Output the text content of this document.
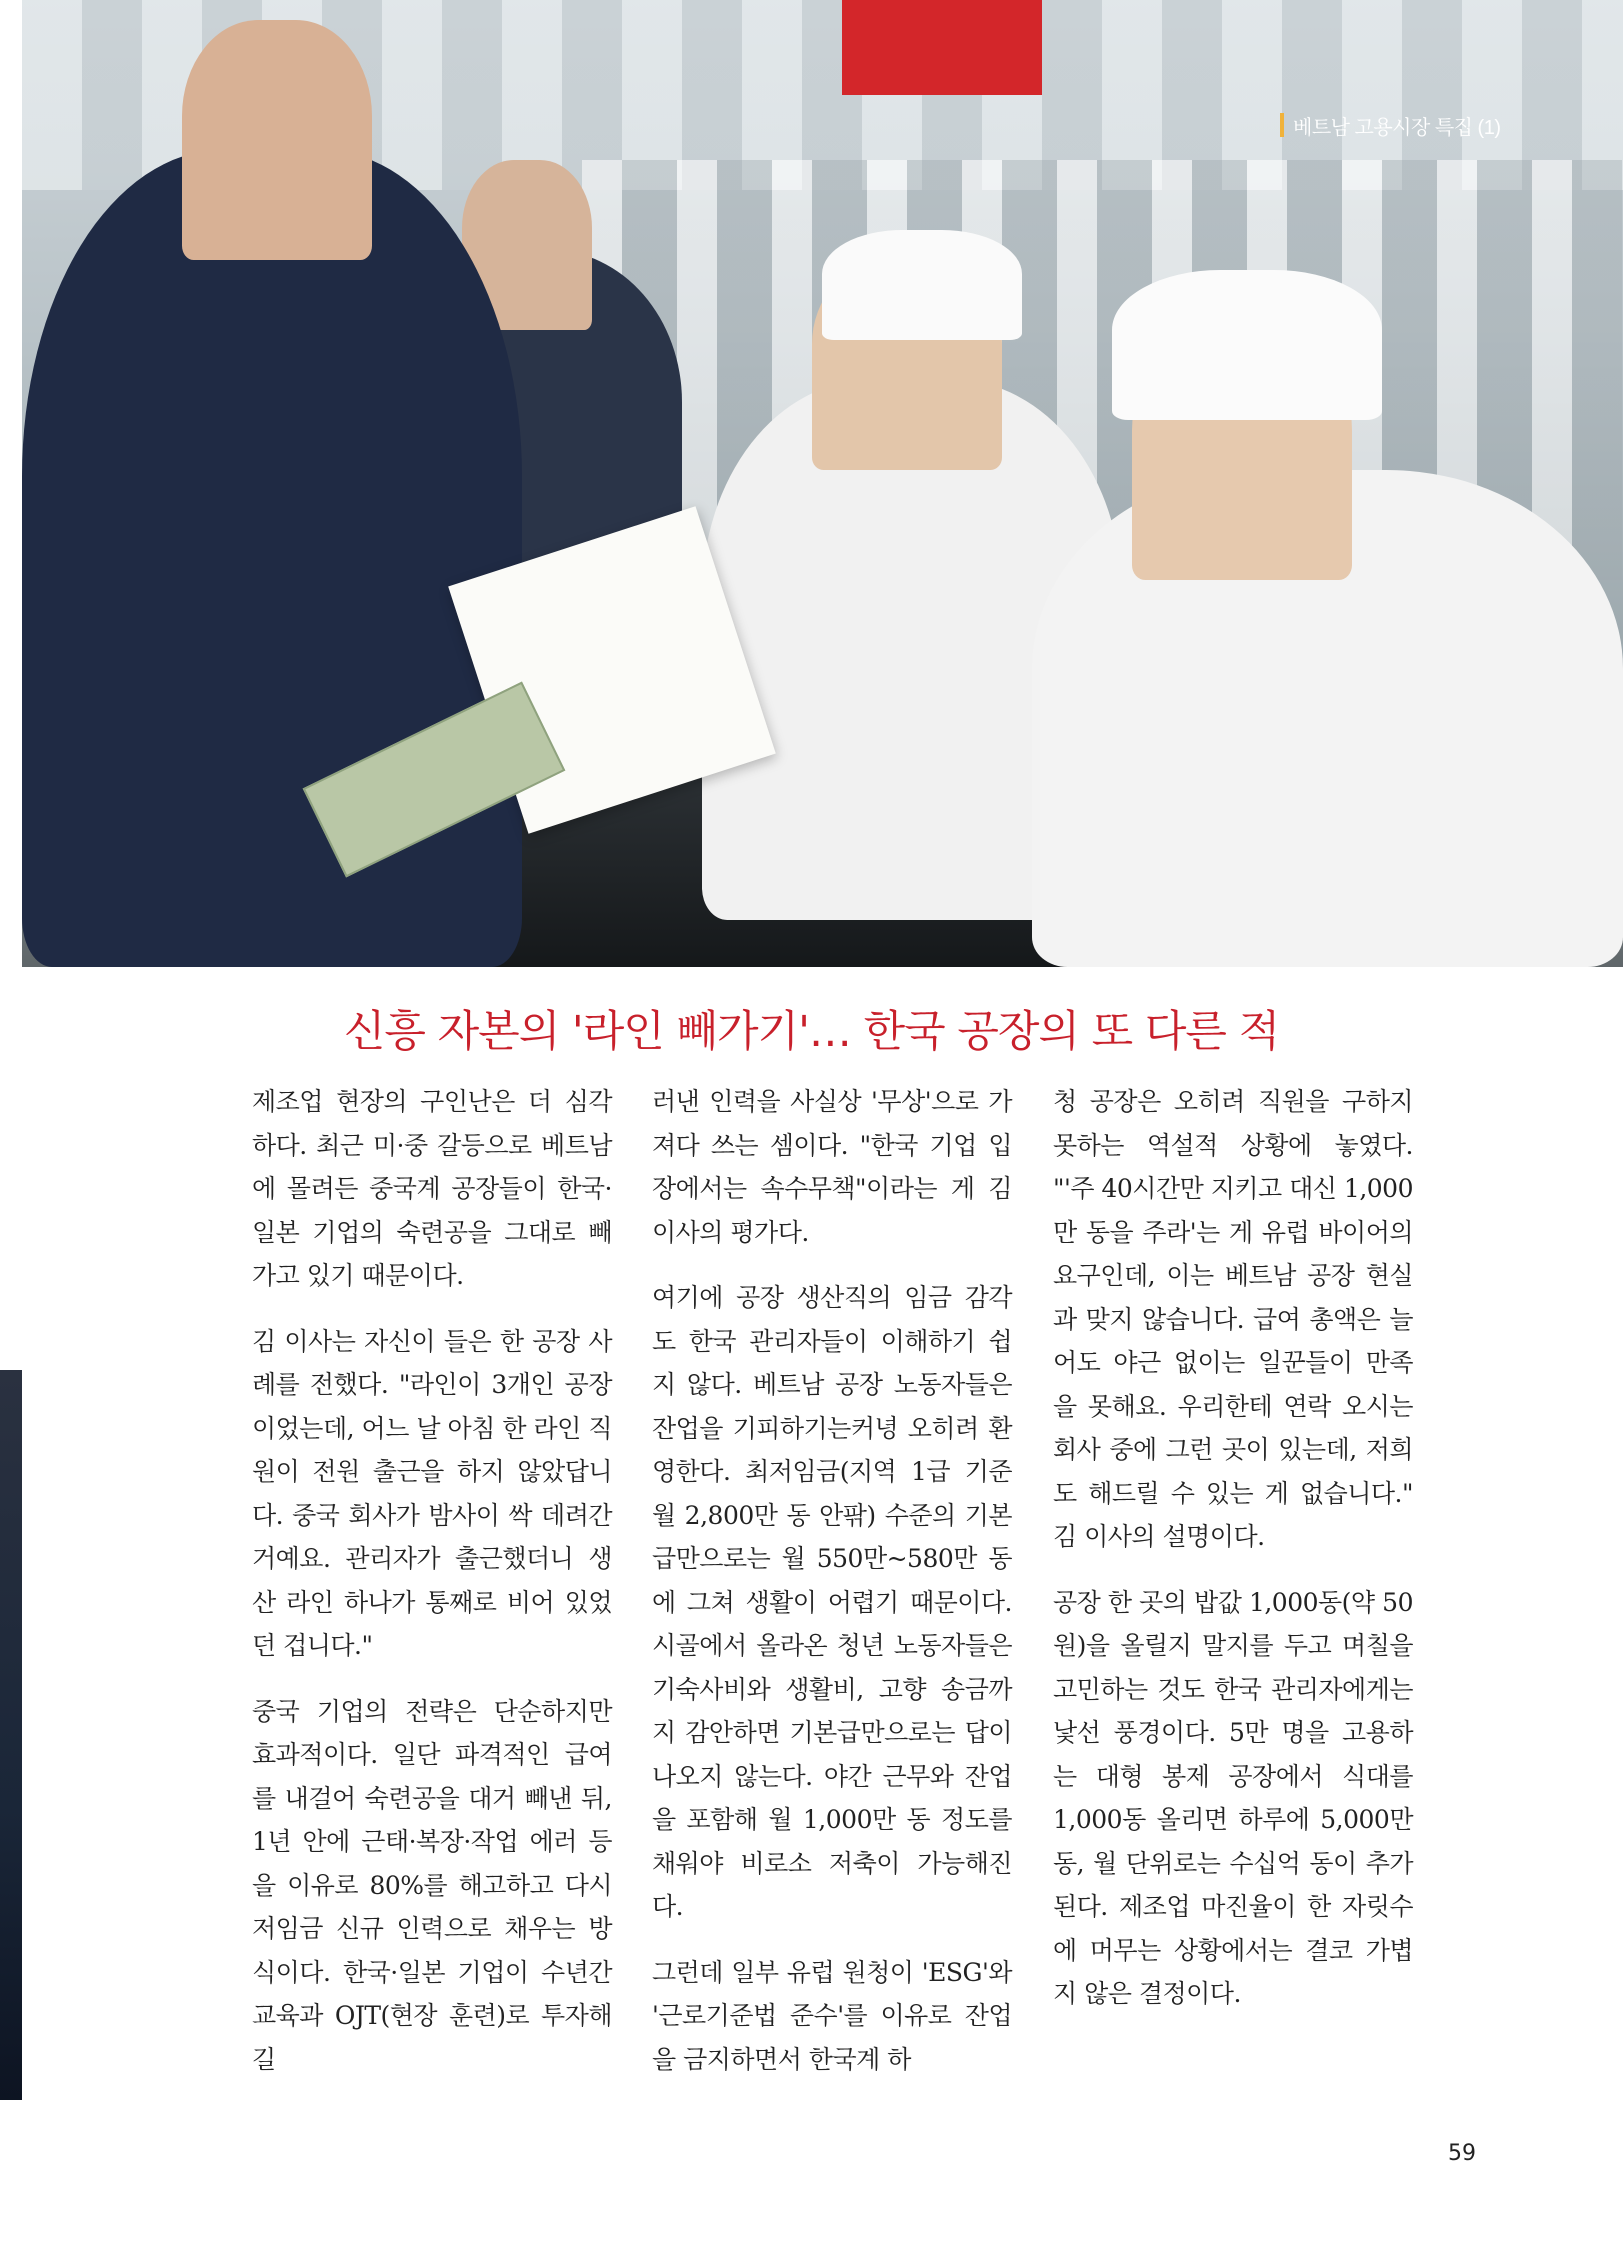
베트남 고용시장 특집 (1)
신흥 자본의 '라인 빼가기'… 한국 공장의 또 다른 적

제조업 현장의 구인난은 더 심각하다. 최근 미·중 갈등으로 베트남에 몰려든 중국계 공장들이 한국·일본 기업의 숙련공을 그대로 빼가고 있기 때문이다.

김 이사는 자신이 들은 한 공장 사례를 전했다. "라인이 3개인 공장이었는데, 어느 날 아침 한 라인 직원이 전원 출근을 하지 않았답니다. 중국 회사가 밤사이 싹 데려간 거예요. 관리자가 출근했더니 생산 라인 하나가 통째로 비어 있었던 겁니다."

중국 기업의 전략은 단순하지만 효과적이다. 일단 파격적인 급여를 내걸어 숙련공을 대거 빼낸 뒤, 1년 안에 근태·복장·작업 에러 등을 이유로 80%를 해고하고 다시 저임금 신규 인력으로 채우는 방식이다. 한국·일본 기업이 수년간 교육과 OJT(현장 훈련)로 투자해 길

러낸 인력을 사실상 '무상'으로 가져다 쓰는 셈이다. "한국 기업 입장에서는 속수무책"이라는 게 김 이사의 평가다.

여기에 공장 생산직의 임금 감각도 한국 관리자들이 이해하기 쉽지 않다. 베트남 공장 노동자들은 잔업을 기피하기는커녕 오히려 환영한다. 최저임금(지역 1급 기준 월 2,800만 동 안팎) 수준의 기본급만으로는 월 550만~580만 동에 그쳐 생활이 어렵기 때문이다. 시골에서 올라온 청년 노동자들은 기숙사비와 생활비, 고향 송금까지 감안하면 기본급만으로는 답이 나오지 않는다. 야간 근무와 잔업을 포함해 월 1,000만 동 정도를 채워야 비로소 저축이 가능해진다.

그런데 일부 유럽 원청이 'ESG'와 '근로기준법 준수'를 이유로 잔업을 금지하면서 한국계 하

청 공장은 오히려 직원을 구하지 못하는 역설적 상황에 놓였다. "'주 40시간만 지키고 대신 1,000만 동을 주라'는 게 유럽 바이어의 요구인데, 이는 베트남 공장 현실과 맞지 않습니다. 급여 총액은 늘어도 야근 없이는 일꾼들이 만족을 못해요. 우리한테 연락 오시는 회사 중에 그런 곳이 있는데, 저희도 해드릴 수 있는 게 없습니다." 김 이사의 설명이다.

공장 한 곳의 밥값 1,000동(약 50원)을 올릴지 말지를 두고 며칠을 고민하는 것도 한국 관리자에게는 낯선 풍경이다. 5만 명을 고용하는 대형 봉제 공장에서 식대를 1,000동 올리면 하루에 5,000만 동, 월 단위로는 수십억 동이 추가된다. 제조업 마진율이 한 자릿수에 머무는 상황에서는 결코 가볍지 않은 결정이다.

59
